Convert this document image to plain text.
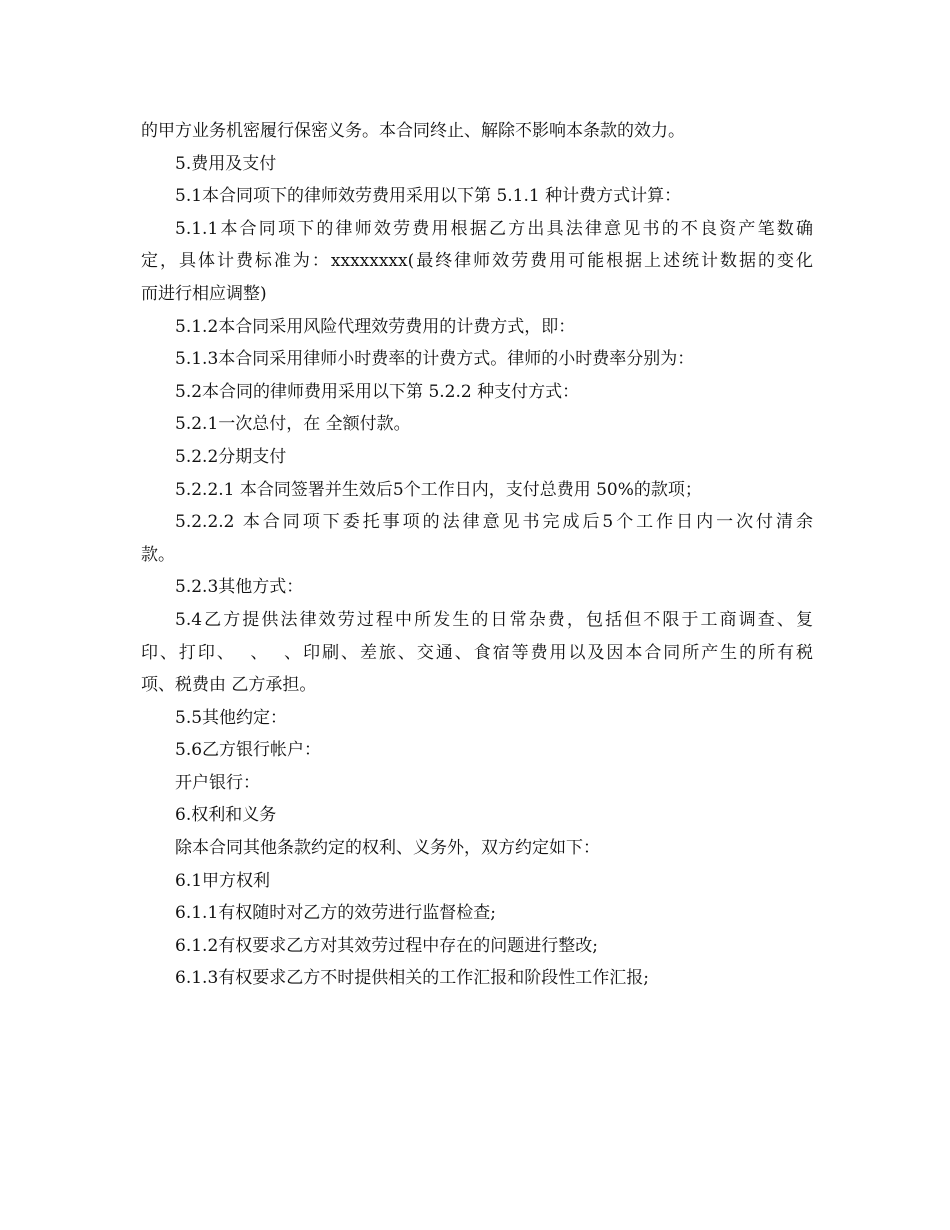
的甲方业务机密履行保密义务。本合同终止、解除不影响本条款的效力。
5.费用及支付
5.1本合同项下的律师效劳费用采用以下第 5.1.1 种计费方式计算：
5.1.1本合同项下的律师效劳费用根据乙方出具法律意见书的不良资产笔数确
定，具体计费标准为：xxxxxxxx(最终律师效劳费用可能根据上述统计数据的变化
而进行相应调整)
5.1.2本合同采用风险代理效劳费用的计费方式，即：
5.1.3本合同采用律师小时费率的计费方式。律师的小时费率分别为：
5.2本合同的律师费用采用以下第 5.2.2 种支付方式：
5.2.1一次总付，在 全额付款。
5.2.2分期支付
5.2.2.1 本合同签署并生效后5个工作日内，支付总费用 50%的款项；
5.2.2.2 本合同项下委托事项的法律意见书完成后5个工作日内一次付清余
款。
5.2.3其他方式：
5.4乙方提供法律效劳过程中所发生的日常杂费，包括但不限于工商调查、复
印、打印、  、  、印刷、差旅、交通、食宿等费用以及因本合同所产生的所有税
项、税费由 乙方承担。
5.5其他约定：
5.6乙方银行帐户：
开户银行：
6.权利和义务
除本合同其他条款约定的权利、义务外，双方约定如下：
6.1甲方权利
6.1.1有权随时对乙方的效劳进行监督检查;
6.1.2有权要求乙方对其效劳过程中存在的问题进行整改;
6.1.3有权要求乙方不时提供相关的工作汇报和阶段性工作汇报;
